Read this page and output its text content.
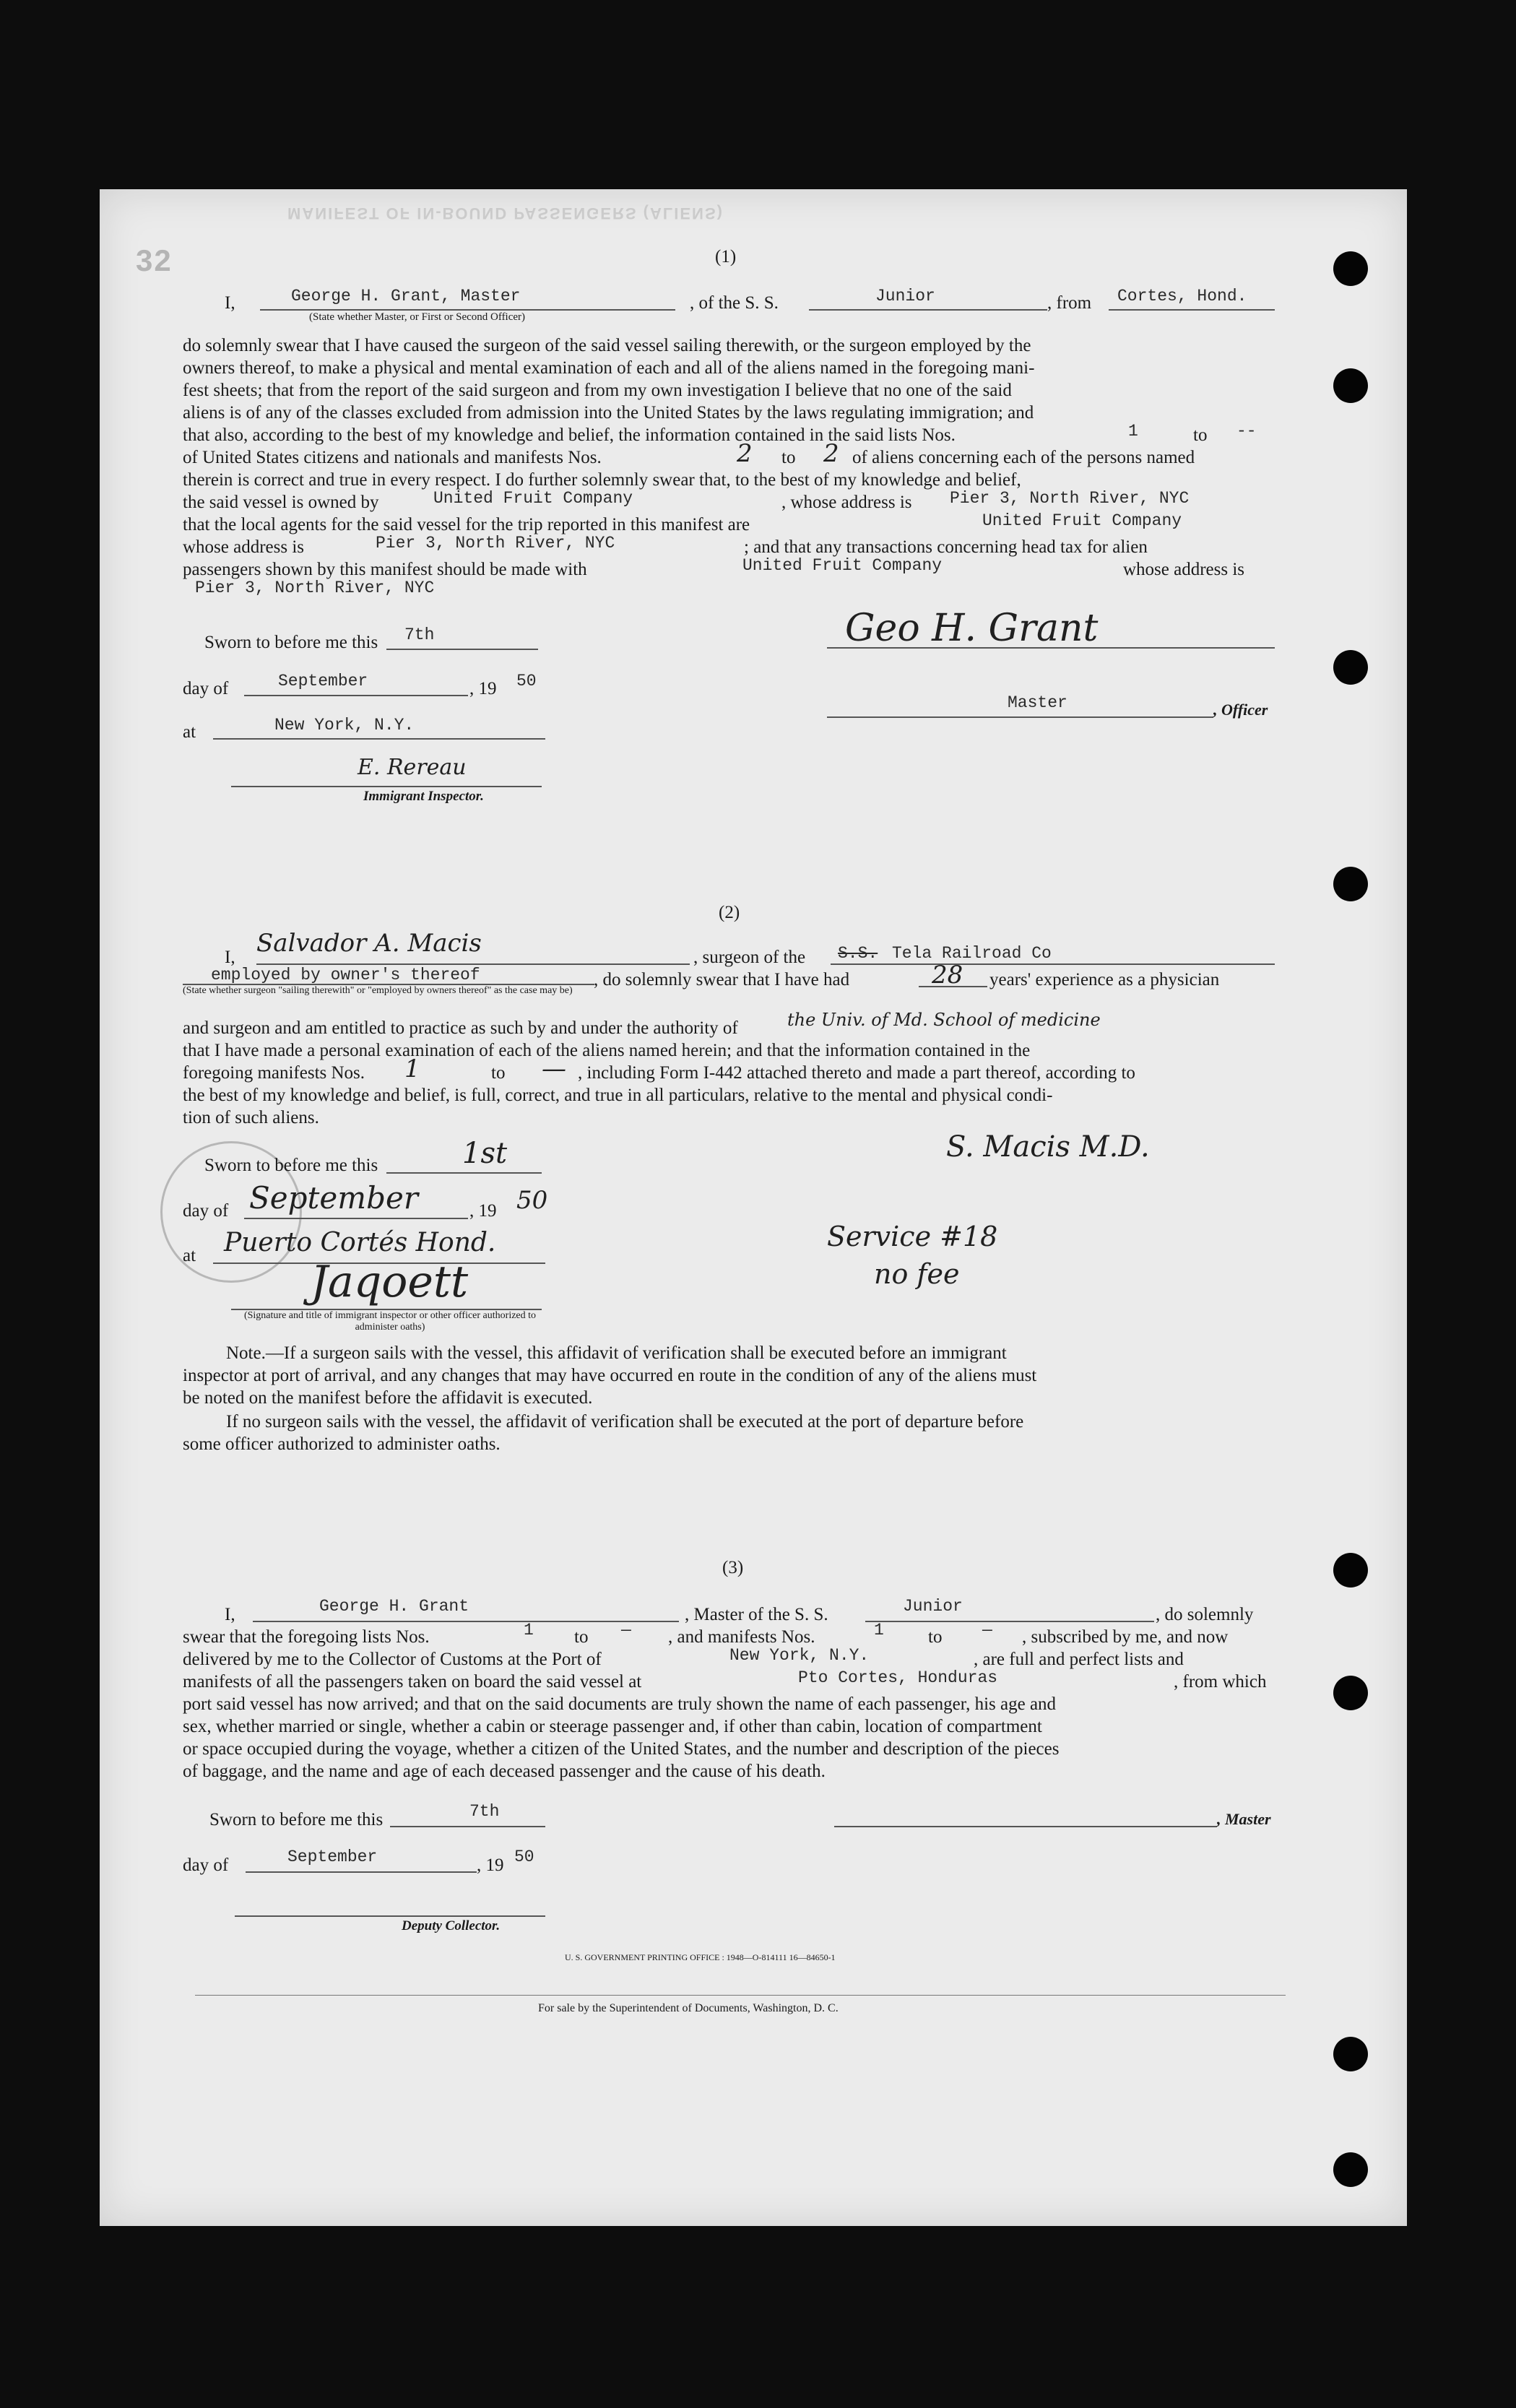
MANIFEST OF IN-BOUND PASSENGERS (ALIENS)
32	(1)
I,	George H. Grant, Master
(State whether Master, or First or Second Officer)
, of the S. S.	Junior	, from Cortes, Hond.
do solemnly swear that I have caused the surgeon of the said vessel sailing therewith, or the surgeon employed by the
owners thereof, to make a physical and mental examination of each and all of the aliens named in the foregoing mani-
fest sheets; that from the report of the said surgeon and from my own investigation I believe that no one of the said
aliens is of any of the classes excluded from admission into the United States by the laws regulating immigration; and
that also, according to the best of my knowledge and belief, the information contained in the said lists Nos.	1	to --
of United States citizens and nationals and manifests Nos.	2 to 2 of aliens concerning each of the persons named
therein is correct and true in every respect. I do further solemnly swear that, to the best of my knowledge and belief,
the said vessel is owned by	United Fruit Company	, whose address is Pier 3, North River, NYC
that the local agents for the said vessel for the trip reported in this manifest are	United Fruit Company
whose address is	Pier 3, North River, NYC	; and that any transactions concerning head tax for alien
passengers shown by this manifest should be made with	United Fruit Company	whose address is
Pier 3, North River, NYC
Sworn to before me this 7th	Geo H. Grant
day of	September	, 19 50
Master	, Officer
at	New York, N.Y.
E. Rereau
Immigrant Inspector.
(2)
I, Salvador A. Macis	, surgeon of the S.S. Tela Railroad Co
employed by owner's thereof
(State whether surgeon "sailing therewith" or "employed by owners thereof" as the case may be)
, do solemnly swear that I have had	28 years' experience as a physician
and surgeon and am entitled to practice as such by and under the authority of	the Univ. of Md. School of medicine
that I have made a personal examination of each of the aliens named herein; and that the information contained in the
foregoing manifests Nos. 1	to — , including Form I-442 attached thereto and made a part thereof, according to
the best of my knowledge and belief, is full, correct, and true in all particulars, relative to the mental and physical condi-
tion of such aliens.
S. Macis M.D.
Sworn to before me this	1st
day of September	, 19 50
Service #18
no fee
at Puerto Cortés Hond.
Jaqoett
(Signature and title of immigrant inspector or other officer authorized to administer oaths)
Note.—If a surgeon sails with the vessel, this affidavit of verification shall be executed before an immigrant
inspector at port of arrival, and any changes that may have occurred en route in the condition of any of the aliens must
be noted on the manifest before the affidavit is executed.
If no surgeon sails with the vessel, the affidavit of verification shall be executed at the port of departure before
some officer authorized to administer oaths.
(3)
I,	George H. Grant	, Master of the S. S.	Junior	, do solemnly
swear that the foregoing lists Nos.	1 to — , and manifests Nos.	1 to — , subscribed by me, and now
delivered by me to the Collector of Customs at the Port of	New York, N.Y.	, are full and perfect lists and
manifests of all the passengers taken on board the said vessel at	Pto Cortes, Honduras	, from which
port said vessel has now arrived; and that on the said documents are truly shown the name of each passenger, his age and
sex, whether married or single, whether a cabin or steerage passenger and, if other than cabin, location of compartment
or space occupied during the voyage, whether a citizen of the United States, and the number and description of the pieces
of baggage, and the name and age of each deceased passenger and the cause of his death.
Sworn to before me this	7th	, Master
day of	September	, 19 50
Deputy Collector.
U. S. GOVERNMENT PRINTING OFFICE : 1948—O-814111 16—84650-1
For sale by the Superintendent of Documents, Washington, D. C.
